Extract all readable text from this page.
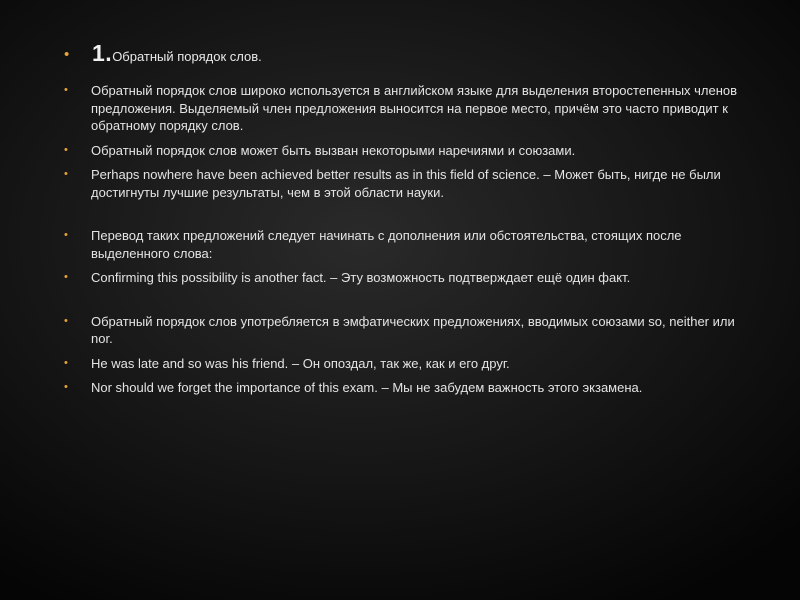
• 1. Обратный порядок слов.
•	Обратный порядок слов широко используется в английском языке для выделения второстепенных членов предложения. Выделяемый член предложения выносится на первое место, причём это часто приводит к обратному порядку слов.
•	Обратный порядок слов может быть вызван некоторыми наречиями и союзами.
•	Perhaps nowhere have been achieved better results as in this field of science. – Может быть, нигде не были достигнуты лучшие результаты, чем в этой области науки.
•	Перевод таких предложений следует начинать с дополнения или обстоятельства, стоящих после выделенного слова:
•	Confirming this possibility is another fact. – Эту возможность подтверждает ещё один факт.
•	Обратный порядок слов употребляется в эмфатических предложениях, вводимых союзами so, neither или nor.
•	He was late and so was his friend. – Он опоздал, так же, как и его друг.
•	Nor should we forget the importance of this exam. – Мы не забудем важность этого экзамена.
